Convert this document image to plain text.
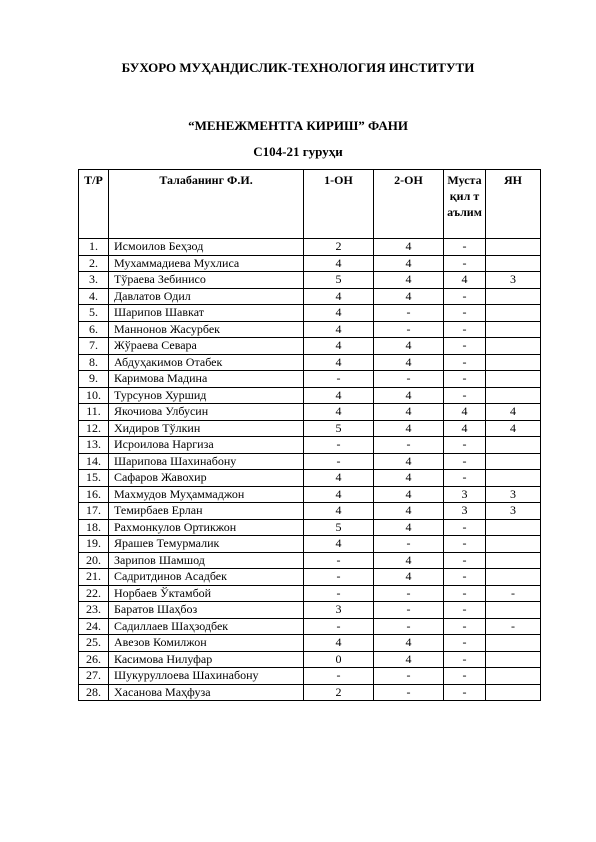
БУХОРО МУҲАНДИСЛИК-ТЕХНОЛОГИЯ ИНСТИТУТИ
“МЕНЕЖМЕНТГА КИРИШ” ФАНИ
С104-21 гуруҳи
Т/Р	Талабанинг Ф.И.	1-ОН	2-ОН	Мустақил таълим	ЯН
1.	Исмоилов Беҳзод	2	4	-	
2.	Мухаммадиева Мухлиса	4	4	-	
3.	Тўраева Зебинисо	5	4	4	3
4.	Давлатов Одил	4	4	-	
5.	Шарипов Шавкат	4	-	-	
6.	Маннонов Жасурбек	4	-	-	
7.	Жўраева Севара	4	4	-	
8.	Абдуҳакимов Отабек	4	4	-	
9.	Каримова Мадина	-	-	-	
10.	Турсунов Хуршид	4	4	-	
11.	Якочиова Улбусин	4	4	4	4
12.	Хидиров Тўлкин	5	4	4	4
13.	Исроилова Наргиза	-	-	-	
14.	Шарипова Шахинабону	-	4	-	
15.	Сафаров Жавохир	4	4	-	
16.	Махмудов Муҳаммаджон	4	4	3	3
17.	Темирбаев Ерлан	4	4	3	3
18.	Рахмонкулов Ортикжон	5	4	-	
19.	Ярашев Темурмалик	4	-	-	
20.	Зарипов Шамшод	-	4	-	
21.	Садритдинов Асадбек	-	4	-	
22.	Норбаев Ўктамбой	-	-	-	-
23.	Баратов Шаҳбоз	3	-	-	
24.	Садиллаев Шаҳзодбек	-	-	-	-
25.	Авезов Комилжон	4	4	-	
26.	Касимова Нилуфар	0	4	-	
27.	Шукуруллоева Шахинабону	-	-	-	
28.	Хасанова Маҳфуза	2	-	-	
